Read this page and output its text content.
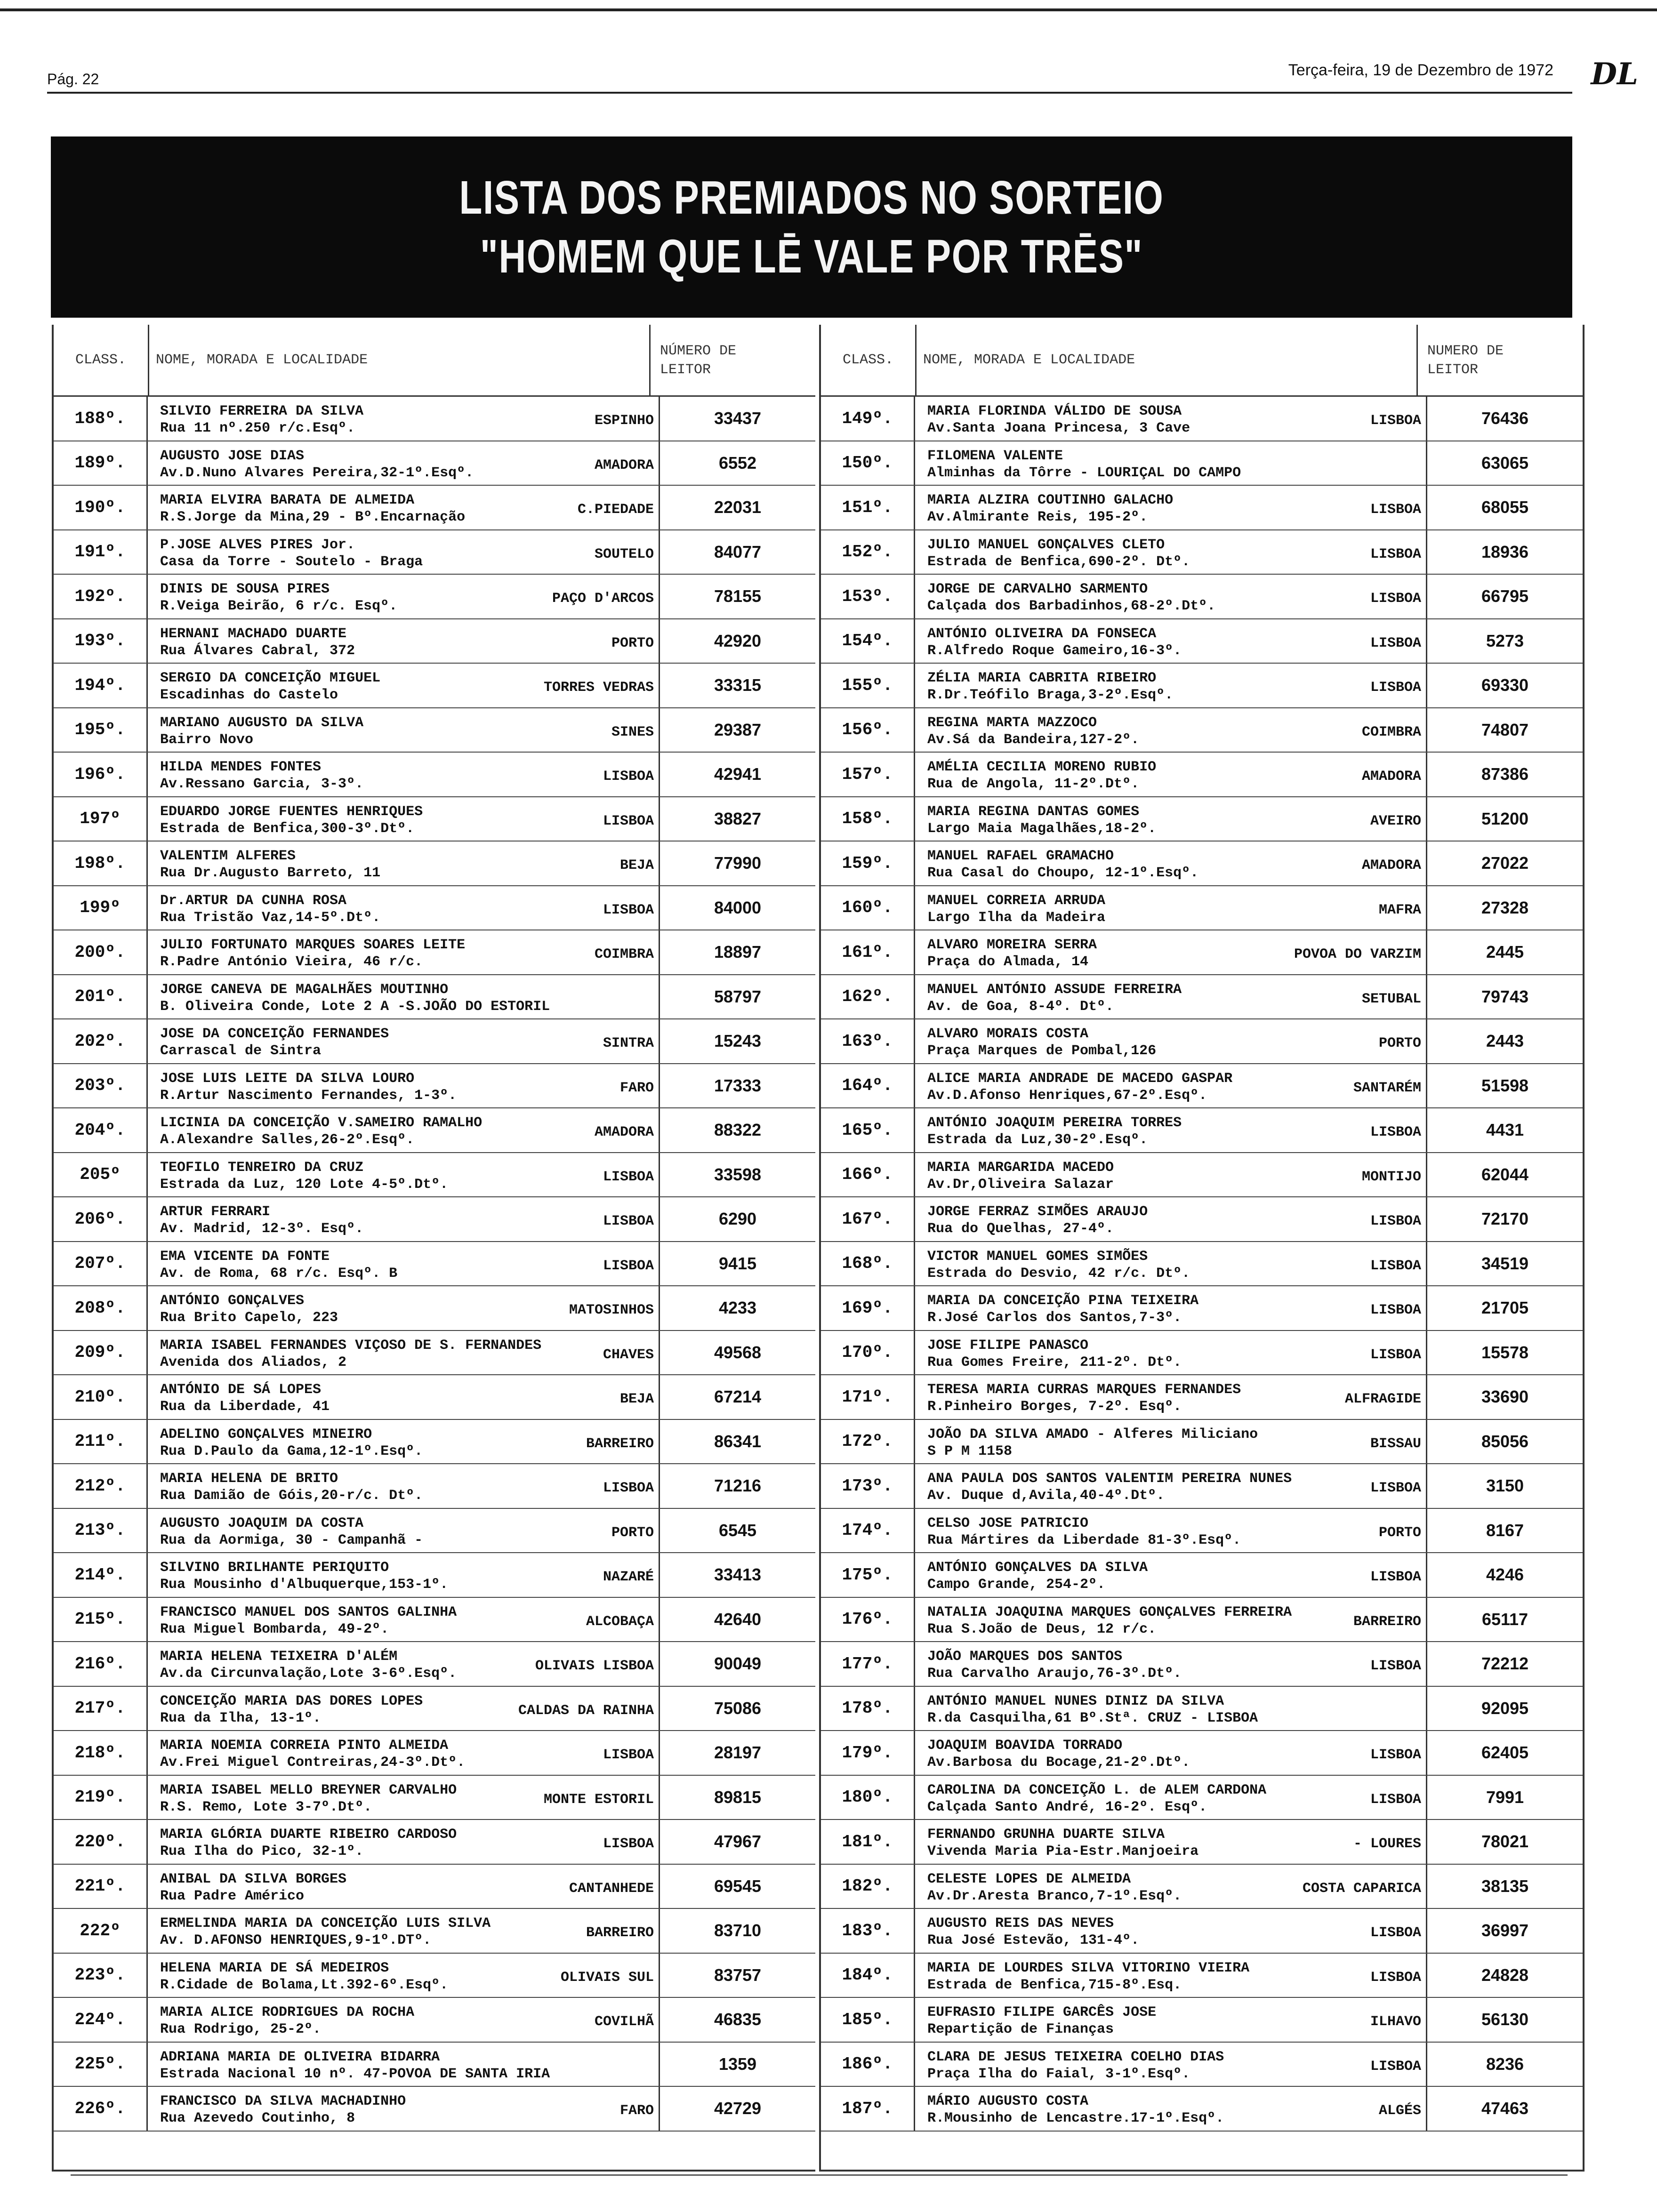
Pág. 22	Terça-feira, 19 de Dezembro de 1972 DL
LISTA DOS PREMIADOS NO SORTEIO
"HOMEM QUE LĒ VALE POR TRĒS"
CLASS.	NOME, MORADA E LOCALIDADE
NÚMERO DE
LEITOR
188º.	SILVIO FERREIRA DA SILVA
Rua 11 nº.250 r/c.Esqº.	ESPINHO	33437
189º.	AUGUSTO JOSE DIAS
Av.D.Nuno Alvares Pereira,32-1º.Esqº.	AMADORA	6552
190º.	MARIA ELVIRA BARATA DE ALMEIDA
R.S.Jorge da Mina,29 - Bº.Encarnação	C.PIEDADE	22031
191º.	P.JOSE ALVES PIRES Jor.
Casa da Torre - Soutelo - Braga	SOUTELO	84077
192º.	DINIS DE SOUSA PIRES
R.Veiga Beirão, 6 r/c. Esqº.	PAÇO D'ARCOS	78155
193º.	HERNANI MACHADO DUARTE
Rua Álvares Cabral, 372	PORTO	42920
194º.	SERGIO DA CONCEIÇÃO MIGUEL
Escadinhas do Castelo	TORRES VEDRAS	33315
195º.	MARIANO AUGUSTO DA SILVA
Bairro Novo	SINES	29387
196º.	HILDA MENDES FONTES
Av.Ressano Garcia, 3-3º.	LISBOA	42941
197º	EDUARDO JORGE FUENTES HENRIQUES
Estrada de Benfica,300-3º.Dtº.	LISBOA	38827
198º.	VALENTIM ALFERES
Rua Dr.Augusto Barreto, 11	BEJA	77990
199º	Dr.ARTUR DA CUNHA ROSA
Rua Tristão Vaz,14-5º.Dtº.	LISBOA	84000
200º.	JULIO FORTUNATO MARQUES SOARES LEITE
R.Padre António Vieira, 46 r/c.	COIMBRA	18897
201º.	JORGE CANEVA DE MAGALHÃES MOUTINHO
B. Oliveira Conde, Lote 2 A -S.JOÃO DO ESTORIL
58797
202º.	JOSE DA CONCEIÇÃO FERNANDES
Carrascal de Sintra	SINTRA	15243
203º.	JOSE LUIS LEITE DA SILVA LOURO
R.Artur Nascimento Fernandes, 1-3º.	FARO	17333
204º.	LICINIA DA CONCEIÇÃO V.SAMEIRO RAMALHO
A.Alexandre Salles,26-2º.Esqº.	AMADORA	88322
205º	TEOFILO TENREIRO DA CRUZ
Estrada da Luz, 120 Lote 4-5º.Dtº.	LISBOA	33598
206º.	ARTUR FERRARI
Av. Madrid, 12-3º. Esqº.	LISBOA	6290
207º.	EMA VICENTE DA FONTE
Av. de Roma, 68 r/c. Esqº. B	LISBOA	9415
208º.	ANTÓNIO GONÇALVES
Rua Brito Capelo, 223	MATOSINHOS	4233
209º.	MARIA ISABEL FERNANDES VIÇOSO DE S. FERNANDES
Avenida dos Aliados, 2	CHAVES	49568
210º.	ANTÓNIO DE SÁ LOPES
Rua da Liberdade, 41	BEJA	67214
211º.	ADELINO GONÇALVES MINEIRO
Rua D.Paulo da Gama,12-1º.Esqº.	BARREIRO	86341
212º.	MARIA HELENA DE BRITO
Rua Damião de Góis,20-r/c. Dtº.	LISBOA	71216
213º.	AUGUSTO JOAQUIM DA COSTA
Rua da Aormiga, 30 - Campanhã -	PORTO	6545
214º.	SILVINO BRILHANTE PERIQUITO
Rua Mousinho d'Albuquerque,153-1º.	NAZARÉ	33413
215º.	FRANCISCO MANUEL DOS SANTOS GALINHA
Rua Miguel Bombarda, 49-2º.	ALCOBAÇA	42640
216º.	MARIA HELENA TEIXEIRA D'ALÉM
Av.da Circunvalação,Lote 3-6º.Esqº.	OLIVAIS LISBOA	90049
217º.	CONCEIÇÃO MARIA DAS DORES LOPES
Rua da Ilha, 13-1º.	CALDAS DA RAINHA	75086
218º.	MARIA NOEMIA CORREIA PINTO ALMEIDA
Av.Frei Miguel Contreiras,24-3º.Dtº.	LISBOA	28197
219º.	MARIA ISABEL MELLO BREYNER CARVALHO
R.S. Remo, Lote 3-7º.Dtº.	MONTE ESTORIL	89815
220º.	MARIA GLÓRIA DUARTE RIBEIRO CARDOSO
Rua Ilha do Pico, 32-1º.	LISBOA	47967
221º.	ANIBAL DA SILVA BORGES
Rua Padre Américo	CANTANHEDE	69545
222º	ERMELINDA MARIA DA CONCEIÇÃO LUIS SILVA
Av. D.AFONSO HENRIQUES,9-1º.DTº.	BARREIRO	83710
223º.	HELENA MARIA DE SÁ MEDEIROS
R.Cidade de Bolama,Lt.392-6º.Esqº.	OLIVAIS SUL	83757
224º.	MARIA ALICE RODRIGUES DA ROCHA
Rua Rodrigo, 25-2º.	COVILHÃ	46835
225º.	ADRIANA MARIA DE OLIVEIRA BIDARRA
Estrada Nacional 10 nº. 47-POVOA DE SANTA IRIA
1359
226º.	FRANCISCO DA SILVA MACHADINHO
Rua Azevedo Coutinho, 8	FARO	42729
CLASS.	NOME, MORADA E LOCALIDADE
NUMERO DE
LEITOR
149º.	MARIA FLORINDA VÁLIDO DE SOUSA
Av.Santa Joana Princesa, 3 Cave	LISBOA	76436
150º.	FILOMENA VALENTE
Alminhas da Tôrre - LOURIÇAL DO CAMPO
63065
151º.	MARIA ALZIRA COUTINHO GALACHO
Av.Almirante Reis, 195-2º.	LISBOA	68055
152º.	JULIO MANUEL GONÇALVES CLETO
Estrada de Benfica,690-2º. Dtº.	LISBOA	18936
153º.	JORGE DE CARVALHO SARMENTO
Calçada dos Barbadinhos,68-2º.Dtº.	LISBOA	66795
154º.	ANTÓNIO OLIVEIRA DA FONSECA
R.Alfredo Roque Gameiro,16-3º.	LISBOA	5273
155º.	ZÉLIA MARIA CABRITA RIBEIRO
R.Dr.Teófilo Braga,3-2º.Esqº.	LISBOA	69330
156º.	REGINA MARTA MAZZOCO
Av.Sá da Bandeira,127-2º.	COIMBRA	74807
157º.	AMÉLIA CECILIA MORENO RUBIO
Rua de Angola, 11-2º.Dtº.	AMADORA	87386
158º.	MARIA REGINA DANTAS GOMES
Largo Maia Magalhães,18-2º.	AVEIRO	51200
159º.	MANUEL RAFAEL GRAMACHO
Rua Casal do Choupo, 12-1º.Esqº.	AMADORA	27022
160º.	MANUEL CORREIA ARRUDA
Largo Ilha da Madeira	MAFRA	27328
161º.	ALVARO MOREIRA SERRA
Praça do Almada, 14	POVOA DO VARZIM	2445
162º.	MANUEL ANTÓNIO ASSUDE FERREIRA
Av. de Goa, 8-4º. Dtº.	SETUBAL	79743
163º.	ALVARO MORAIS COSTA
Praça Marques de Pombal,126	PORTO	2443
164º.	ALICE MARIA ANDRADE DE MACEDO GASPAR
Av.D.Afonso Henriques,67-2º.Esqº.	SANTARÉM	51598
165º.	ANTÓNIO JOAQUIM PEREIRA TORRES
Estrada da Luz,30-2º.Esqº.	LISBOA	4431
166º.	MARIA MARGARIDA MACEDO
Av.Dr,Oliveira Salazar	MONTIJO	62044
167º.	JORGE FERRAZ SIMÕES ARAUJO
Rua do Quelhas, 27-4º.	LISBOA	72170
168º.	VICTOR MANUEL GOMES SIMÕES
Estrada do Desvio, 42 r/c. Dtº.	LISBOA	34519
169º.	MARIA DA CONCEIÇÃO PINA TEIXEIRA
R.José Carlos dos Santos,7-3º.	LISBOA	21705
170º.	JOSE FILIPE PANASCO
Rua Gomes Freire, 211-2º. Dtº.	LISBOA	15578
171º.	TERESA MARIA CURRAS MARQUES FERNANDES
R.Pinheiro Borges, 7-2º. Esqº.	ALFRAGIDE	33690
172º.	JOÃO DA SILVA AMADO - Alferes Miliciano
S P M 1158	BISSAU	85056
173º.	ANA PAULA DOS SANTOS VALENTIM PEREIRA NUNES
Av. Duque d,Avila,40-4º.Dtº.	LISBOA	3150
174º.	CELSO JOSE PATRICIO
Rua Mártires da Liberdade 81-3º.Esqº.	PORTO	8167
175º.	ANTÓNIO GONÇALVES DA SILVA
Campo Grande, 254-2º.	LISBOA	4246
176º.	NATALIA JOAQUINA MARQUES GONÇALVES FERREIRA
Rua S.João de Deus, 12 r/c.	BARREIRO	65117
177º.	JOÃO MARQUES DOS SANTOS
Rua Carvalho Araujo,76-3º.Dtº.	LISBOA	72212
178º.	ANTÓNIO MANUEL NUNES DINIZ DA SILVA
R.da Casquilha,61 Bº.Stª. CRUZ - LISBOA
92095
179º.	JOAQUIM BOAVIDA TORRADO
Av.Barbosa du Bocage,21-2º.Dtº.	LISBOA	62405
180º.	CAROLINA DA CONCEIÇÃO L. de ALEM CARDONA
Calçada Santo André, 16-2º. Esqº.	LISBOA	7991
181º.	FERNANDO GRUNHA DUARTE SILVA
Vivenda Maria Pia-Estr.Manjoeira	- LOURES	78021
182º.	CELESTE LOPES DE ALMEIDA
Av.Dr.Aresta Branco,7-1º.Esqº.	COSTA CAPARICA	38135
183º.	AUGUSTO REIS DAS NEVES
Rua José Estevão, 131-4º.	LISBOA	36997
184º.	MARIA DE LOURDES SILVA VITORINO VIEIRA
Estrada de Benfica,715-8º.Esq.	LISBOA	24828
185º.	EUFRASIO FILIPE GARCÊS JOSE
Repartição de Finanças	ILHAVO	56130
186º.	CLARA DE JESUS TEIXEIRA COELHO DIAS
Praça Ilha do Faial, 3-1º.Esqº.	LISBOA	8236
187º.	MÁRIO AUGUSTO COSTA
R.Mousinho de Lencastre.17-1º.Esqº.	ALGÉS	47463
